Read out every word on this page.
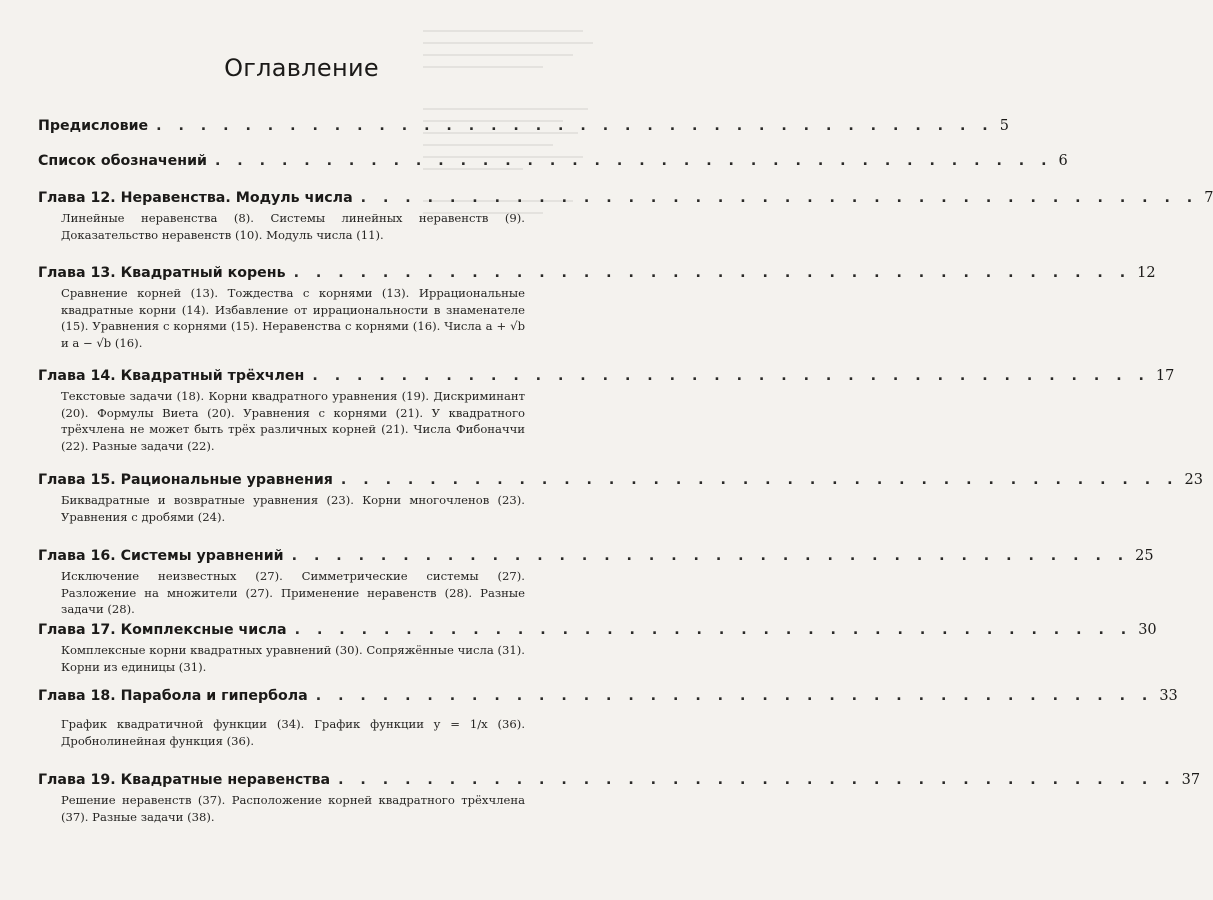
Оглавление
Предисловие . . . . . . . . . . . . . . . . . . . . . . . . . . . . . . . . . . . . . . 5
Список обозначений . . . . . . . . . . . . . . . . . . . . . . . . . . . . . . . . . . . . . . 6
Глава 12. Неравенства. Модуль числа . . . . . . . . . . . . . . . . . . . . . . . . . . . . . . . . . . . . . . 7
Линейные неравенства (8). Системы линейных неравенств (9). Доказательство неравенств (10). Модуль числа (11).
Глава 13. Квадратный корень . . . . . . . . . . . . . . . . . . . . . . . . . . . . . . . . . . . . . . 12
Сравнение корней (13). Тождества с корнями (13). Иррациональные квадратные корни (14). Избавление от иррациональности в знаменателе (15). Уравнения с корнями (15). Неравенства с корнями (16). Числа a + √b и a − √b (16).
Глава 14. Квадратный трёхчлен . . . . . . . . . . . . . . . . . . . . . . . . . . . . . . . . . . . . . . 17
Текстовые задачи (18). Корни квадратного уравнения (19). Дискриминант (20). Формулы Виета (20). Уравнения с корнями (21). У квадратного трёхчлена не может быть трёх различных корней (21). Числа Фибоначчи (22). Разные задачи (22).
Глава 15. Рациональные уравнения . . . . . . . . . . . . . . . . . . . . . . . . . . . . . . . . . . . . . . 23
Биквадратные и возвратные уравнения (23). Корни многочленов (23). Уравнения с дробями (24).
Глава 16. Системы уравнений . . . . . . . . . . . . . . . . . . . . . . . . . . . . . . . . . . . . . . 25
Исключение неизвестных (27). Симметрические системы (27). Разложение на множители (27). Применение неравенств (28). Разные задачи (28).
Глава 17. Комплексные числа . . . . . . . . . . . . . . . . . . . . . . . . . . . . . . . . . . . . . . 30
Комплексные корни квадратных уравнений (30). Сопряжённые числа (31). Корни из единицы (31).
Глава 18. Парабола и гипербола . . . . . . . . . . . . . . . . . . . . . . . . . . . . . . . . . . . . . . 33
График квадратичной функции (34). График функции y = 1/x (36). Дробнолинейная функция (36).
Глава 19. Квадратные неравенства . . . . . . . . . . . . . . . . . . . . . . . . . . . . . . . . . . . . . . 37
Решение неравенств (37). Расположение корней квадратного трёхчлена (37). Разные задачи (38).
